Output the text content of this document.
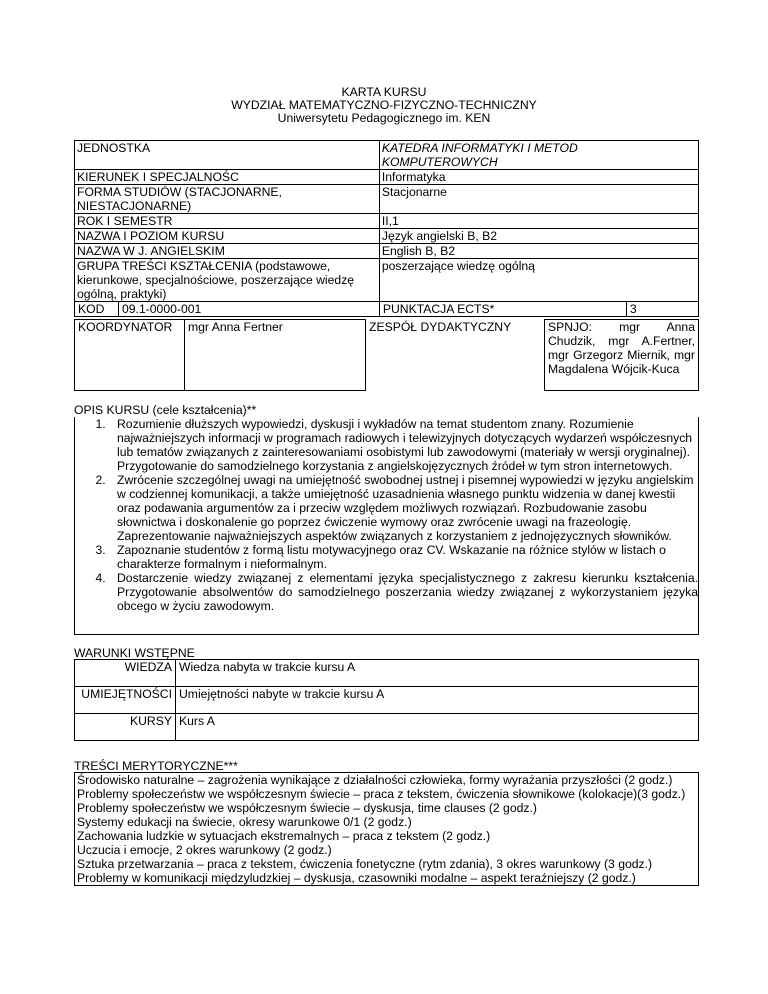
KARTA KURSU
WYDZIAŁ MATEMATYCZNO-FIZYCZNO-TECHNICZNY
Uniwersytetu Pedagogicznego im. KEN
JEDNOSTKA		KATEDRA INFORMATYKI I METOD KOMPUTEROWYCH	
KIERUNEK I SPECJALNOŚC		Informatyka	
FORMA STUDIÓW (STACJONARNE, NIESTACJONARNE)		Stacjonarne	
ROK I SEMESTR		II,1	
NAZWA I POZIOM KURSU		Język angielski B, B2	
NAZWA W J. ANGIELSKIM		English B, B2	
GRUPA TREŚCI KSZTAŁCENIA (podstawowe, kierunkowe, specjalnościowe, poszerzające wiedzę ogólną, praktyki)		poszerzające wiedzę ogólną	
KOD	09.1-0000-001	PUNKTACJA ECTS*	3
KOORDYNATOR	mgr Anna Fertner	ZESPÓŁ DYDAKTYCZNY	SPNJO: mgr Anna Chudzik, mgr A.Fertner, mgr Grzegorz Miernik, mgr Magdalena Wójcik-Kuca
OPIS KURSU (cele kształcenia)**

1. Rozumienie dłuższych wypowiedzi, dyskusji i wykładów na temat studentom znany. Rozumienie najważniejszych informacji w programach radiowych i telewizyjnych dotyczących wydarzeń współczesnych lub tematów związanych z zainteresowaniami osobistymi lub zawodowymi (materiały w wersji oryginalnej). Przygotowanie do samodzielnego korzystania z angielskojęzycznych źródeł w tym stron internetowych.

2. Zwrócenie szczególnej uwagi na umiejętność swobodnej ustnej i pisemnej wypowiedzi w języku angielskim w codziennej komunikacji, a także umiejętność uzasadnienia własnego punktu widzenia w danej kwestii oraz podawania argumentów za i przeciw względem możliwych rozwiązań. Rozbudowanie zasobu słownictwa i doskonalenie go poprzez ćwiczenie wymowy oraz zwrócenie uwagi na frazeologię. Zaprezentowanie najważniejszych aspektów związanych z korzystaniem z jednojęzycznych słowników.

3. Zapoznanie studentów z formą listu motywacyjnego oraz CV. Wskazanie na różnice stylów w listach o charakterze formalnym i nieformalnym.

4. Dostarczenie wiedzy związanej z elementami języka specjalistycznego z zakresu kierunku kształcenia. Przygotowanie absolwentów do samodzielnego poszerzania wiedzy związanej z wykorzystaniem języka obcego w życiu zawodowym.

WARUNKI WSTĘPNE
WIEDZA	Wiedza nabyta w trakcie kursu A
UMIEJĘTNOŚCI	Umiejętności nabyte w trakcie kursu A
KURSY	Kurs A
TREŚCI MERYTORYCZNE***
Środowisko naturalne – zagrożenia wynikające z działalności człowieka, formy wyrażania przyszłości (2 godz.)
Problemy społeczeństw we współczesnym świecie – praca z tekstem, ćwiczenia słownikowe (kolokacje)(3 godz.)
Problemy społeczeństw we współczesnym świecie – dyskusja, time clauses (2 godz.)
Systemy edukacji na świecie, okresy warunkowe 0/1 (2 godz.)
Zachowania ludzkie w sytuacjach ekstremalnych – praca z tekstem (2 godz.)
Uczucia i emocje, 2 okres warunkowy (2 godz.)
Sztuka przetwarzania – praca z tekstem, ćwiczenia fonetyczne (rytm zdania), 3 okres warunkowy (3 godz.)
Problemy w komunikacji międzyludzkiej – dyskusja, czasowniki modalne – aspekt teraźniejszy (2 godz.)
